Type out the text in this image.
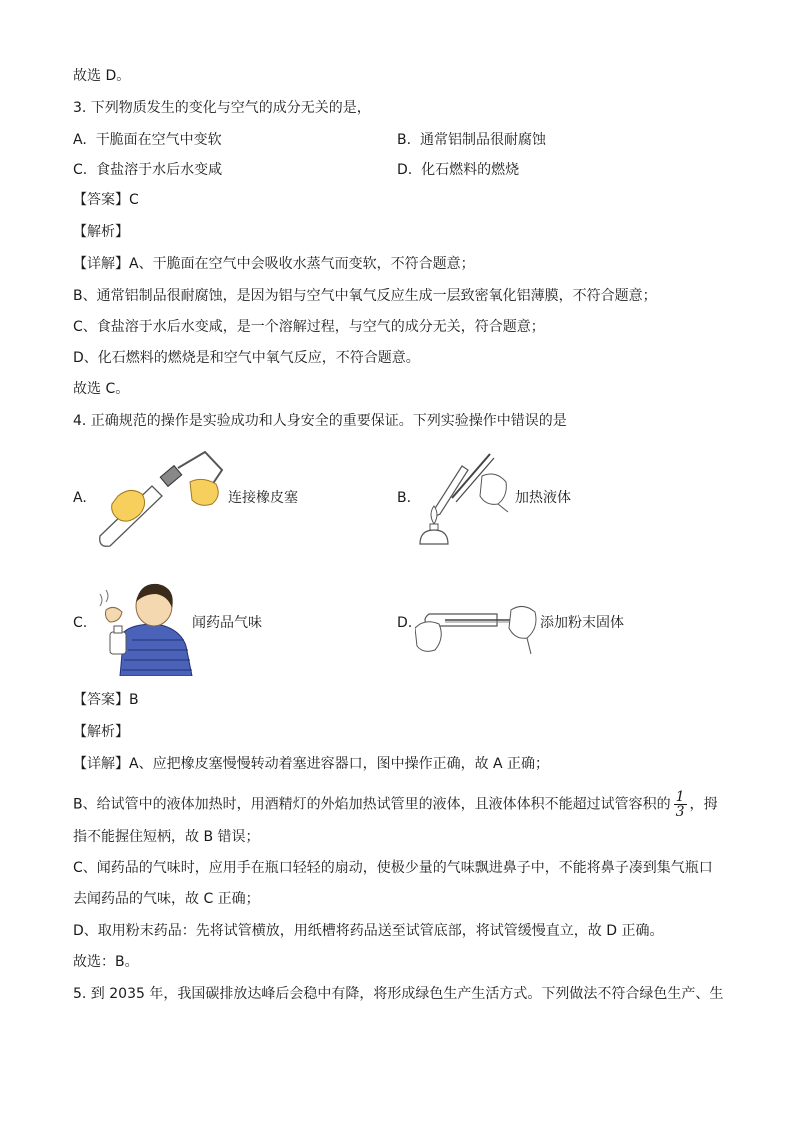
故选 D。
3. 下列物质发生的变化与空气的成分无关的是，
A. 干脆面在空气中变软	B. 通常铝制品很耐腐蚀
C. 食盐溶于水后水变咸	D. 化石燃料的燃烧
【答案】C
【解析】
【详解】A、干脆面在空气中会吸收水蒸气而变软，不符合题意；
B、通常铝制品很耐腐蚀，是因为铝与空气中氧气反应生成一层致密氧化铝薄膜，不符合题意；
C、食盐溶于水后水变咸，是一个溶解过程，与空气的成分无关，符合题意；
D、化石燃料的燃烧是和空气中氧气反应，不符合题意。
故选 C。
4. 正确规范的操作是实验成功和人身安全的重要保证。下列实验操作中错误的是
A.	连接橡皮塞	B.	加热液体
C.	闻药品气味	D.	添加粉末固体
【答案】B
【解析】
【详解】A、应把橡皮塞慢慢转动着塞进容器口，图中操作正确，故 A 正确；
B、给试管中的液体加热时，用酒精灯的外焰加热试管里的液体，且液体体积不能超过试管容积的 $\frac{1}{3}$ ，拇
指不能握住短柄，故 B 错误；
C、闻药品的气味时，应用手在瓶口轻轻的扇动，使极少量的气味飘进鼻子中，不能将鼻子凑到集气瓶口
去闻药品的气味，故 C 正确；
D、取用粉末药品：先将试管横放，用纸槽将药品送至试管底部，将试管缓慢直立，故 D 正确。
故选：B。
5. 到 2035 年，我国碳排放达峰后会稳中有降，将形成绿色生产生活方式。下列做法不符合绿色生产、生
